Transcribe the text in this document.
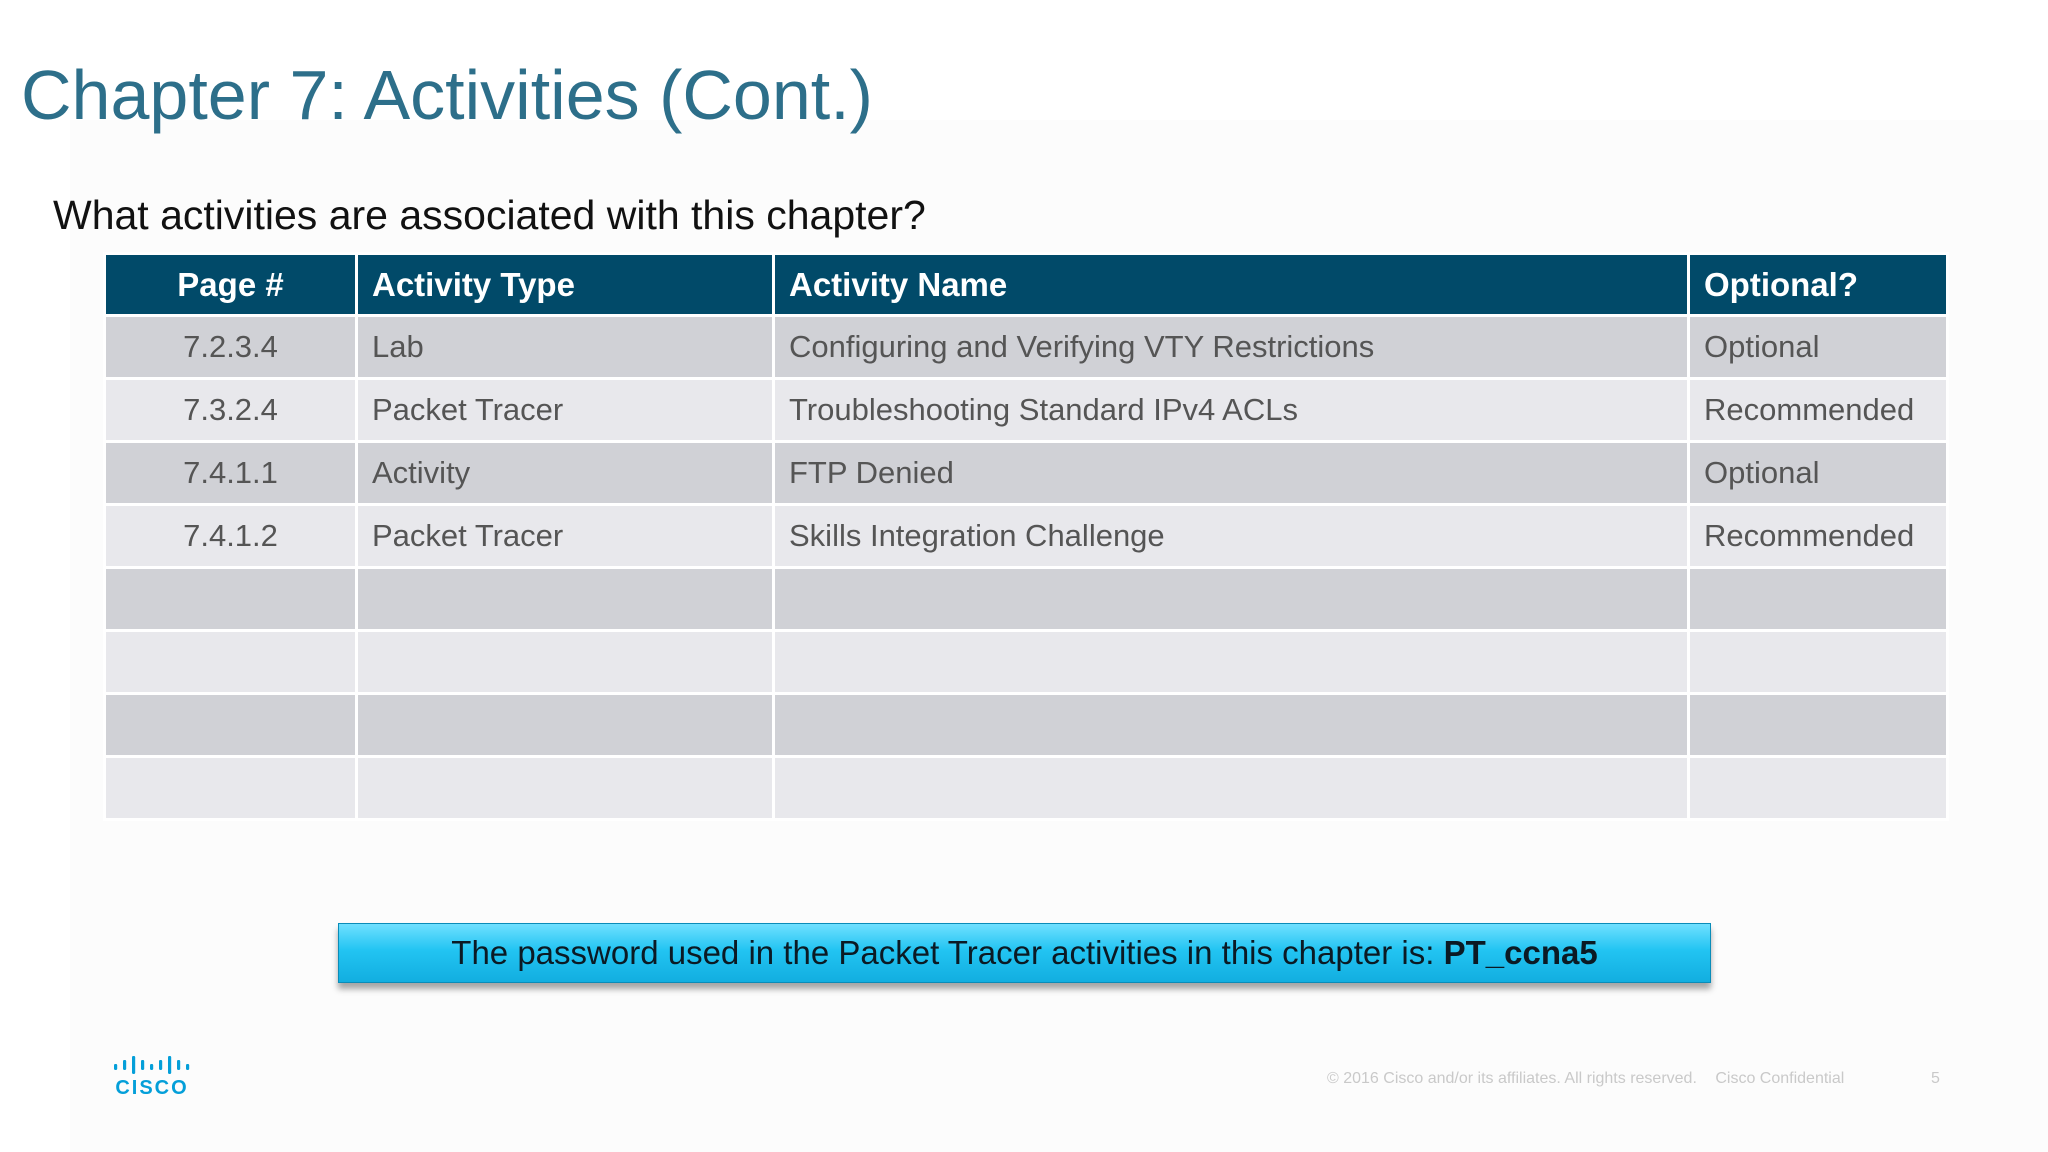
Chapter 7: Activities (Cont.)

What activities are associated with this chapter?

Page #	Activity Type	Activity Name	Optional?
7.2.3.4	Lab	Configuring and Verifying VTY Restrictions	Optional
7.3.2.4	Packet Tracer	Troubleshooting Standard IPv4 ACLs	Recommended
7.4.1.1	Activity	FTP Denied	Optional
7.4.1.2	Packet Tracer	Skills Integration Challenge	Recommended

The password used in the Packet Tracer activities in this chapter is: PT_ccna5
CISCO	© 2016 Cisco and/or its affiliates. All rights reserved. Cisco Confidential	5
